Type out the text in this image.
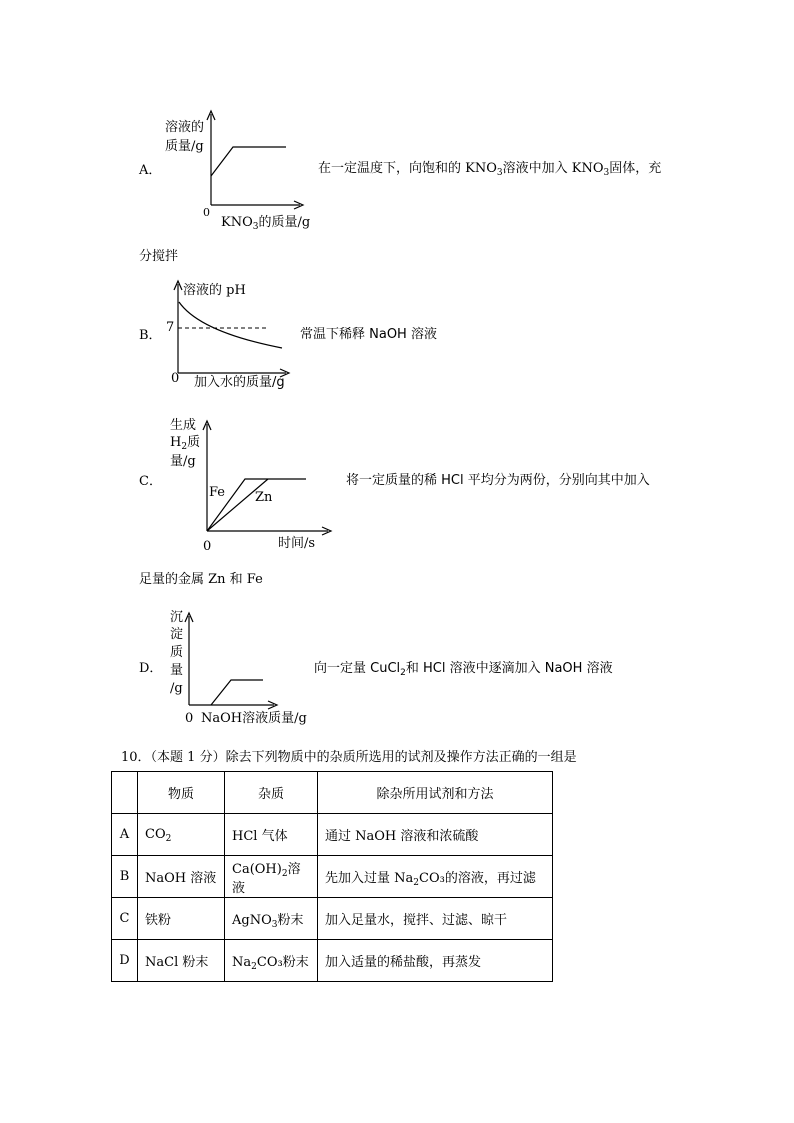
溶液的
质量/g
A．
0
$KNO_3$的质量/g
在一定温度下，向饱和的 $KNO_3$溶液中加入 $KNO_3$固体，充
分搅拌
溶液的 pH
B．
7
0 加入水的质量/g
常温下稀释 NaOH 溶液
生成
$H_2$质
量/g
C．
Fe Zn
0	时间/s
将一定质量的稀 HCl 平均分为两份，分别向其中加入
足量的金属 Zn 和 Fe
沉
淀
质
量
/g
D．
0 NaOH溶液质量/g
向一定量 CuCl$_2$和 HCl 溶液中逐滴加入 NaOH 溶液
10．（本题 1 分）除去下列物质中的杂质所选用的试剂及操作方法正确的一组是
	物质	杂质	除杂所用试剂和方法
A	$CO_2$	HCl 气体	通过 NaOH 溶液和浓硫酸
B	NaOH 溶液	$Ca(OH)_2$溶液	先加入过量 $Na_2CO_3$的溶液，再过滤
C	铁粉	AgNO$_3$粉末	加入足量水，搅拌、过滤、晾干
D	NaCl 粉末	$Na_2CO_3$粉末	加入适量的稀盐酸，再蒸发
